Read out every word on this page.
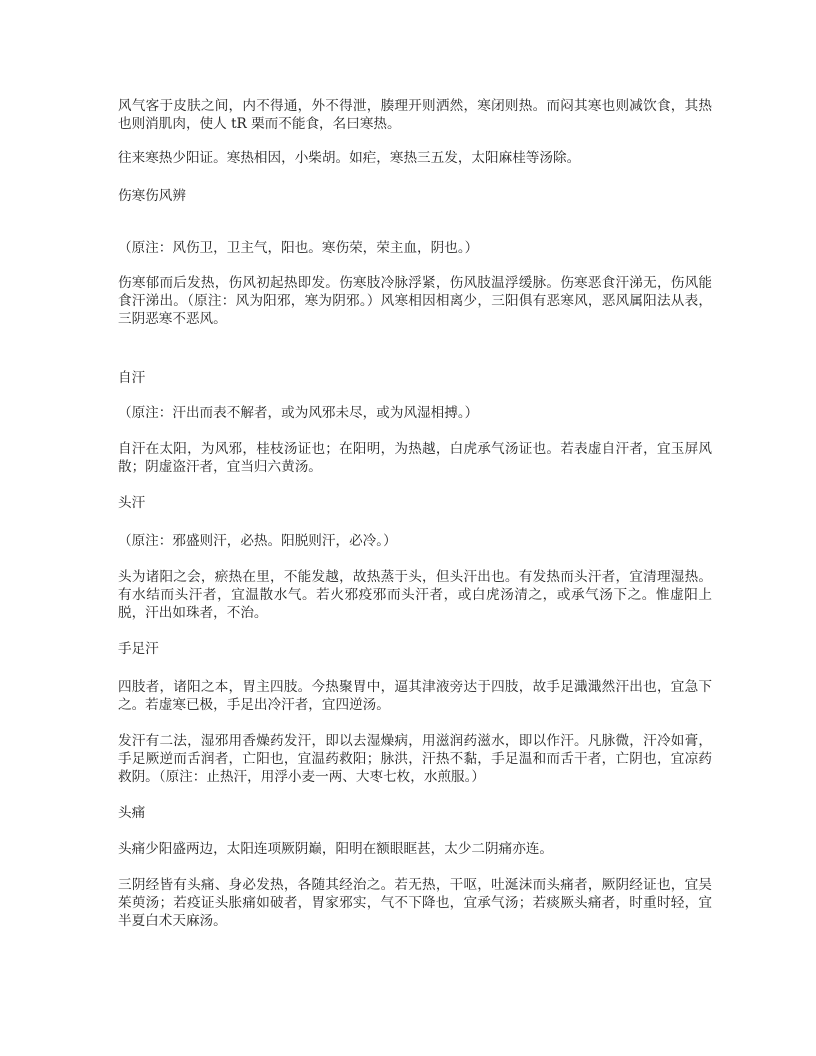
风气客于皮肤之间，内不得通，外不得泄，腠理开则洒然，寒闭则热。而闷其寒也则减饮食，其热也则消肌肉，使人 tR 栗而不能食，名曰寒热。

往来寒热少阳证。寒热相因，小柴胡。如疟，寒热三五发，太阳麻桂等汤除。

伤寒伤风辨

（原注：风伤卫，卫主气，阳也。寒伤荣，荣主血，阴也。）

伤寒郁而后发热，伤风初起热即发。伤寒肢冷脉浮紧，伤风肢温浮缓脉。伤寒恶食汗涕无，伤风能食汗涕出。（原注：风为阳邪，寒为阴邪。）风寒相因相离少，三阳俱有恶寒风，恶风属阳法从表，三阴恶寒不恶风。

自汗

（原注：汗出而表不解者，或为风邪未尽，或为风湿相搏。）

自汗在太阳，为风邪，桂枝汤证也；在阳明，为热越，白虎承气汤证也。若表虚自汗者，宜玉屏风散；阴虚盗汗者，宜当归六黄汤。

头汗

（原注：邪盛则汗，必热。阳脱则汗，必冷。）

头为诸阳之会，瘀热在里，不能发越，故热蒸于头，但头汗出也。有发热而头汗者，宜清理湿热。有水结而头汗者，宜温散水气。若火邪疫邪而头汗者，或白虎汤清之，或承气汤下之。惟虚阳上脱，汗出如珠者，不治。

手足汗

四肢者，诸阳之本，胃主四肢。今热聚胃中，逼其津液旁达于四肢，故手足濈濈然汗出也，宜急下之。若虚寒已极，手足出冷汗者，宜四逆汤。

发汗有二法，湿邪用香燥药发汗，即以去湿燥病，用滋润药滋水，即以作汗。凡脉微，汗冷如膏，手足厥逆而舌润者，亡阳也，宜温药救阳；脉洪，汗热不黏，手足温和而舌干者，亡阴也，宜凉药救阴。（原注：止热汗，用浮小麦一两、大枣七枚，水煎服。）

头痛

头痛少阳盛两边，太阳连项厥阴巅，阳明在额眼眶甚，太少二阴痛亦连。

三阴经皆有头痛、身必发热，各随其经治之。若无热，干呕，吐涎沫而头痛者，厥阴经证也，宜吴茱萸汤；若疫证头胀痛如破者，胃家邪实，气不下降也，宜承气汤；若痰厥头痛者，时重时轻，宜半夏白术天麻汤。
